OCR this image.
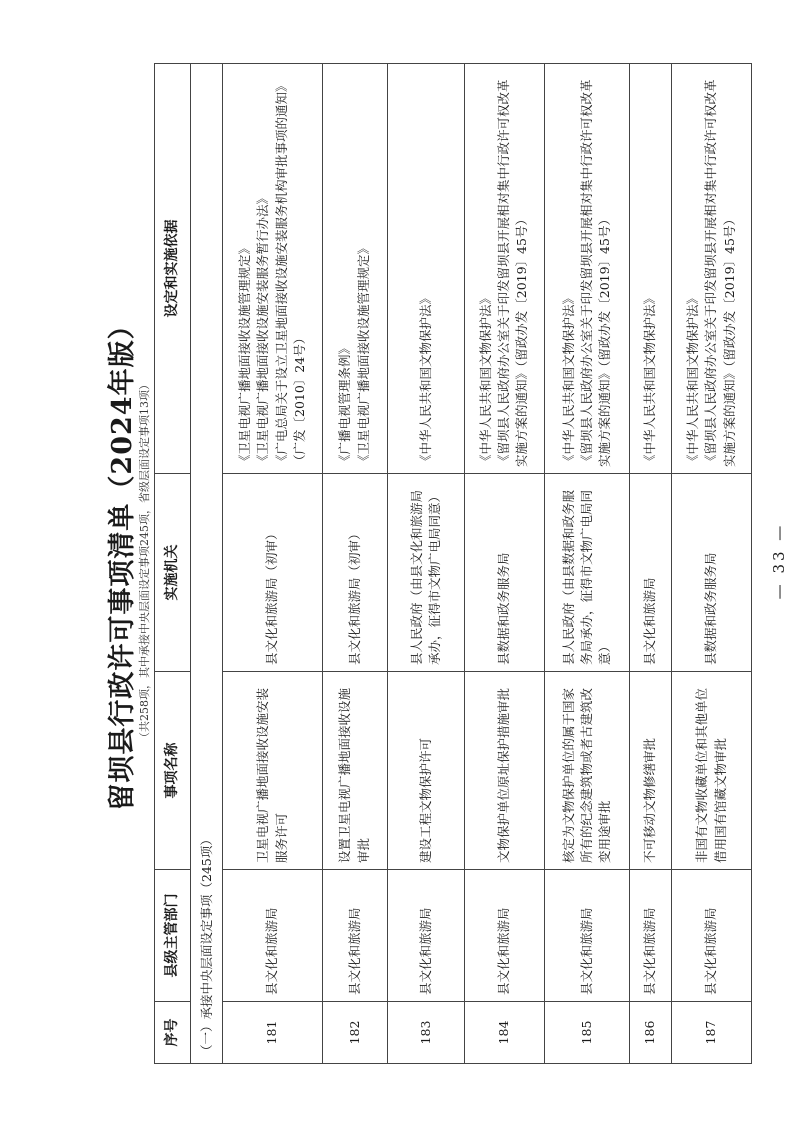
留坝县行政许可事项清单（2024年版） （共258项，其中承接中央层面设定事项245项，省级层面设定事项13项）
序号	县级主管部门	事项名称	实施机关	设定和实施依据
（一）承接中央层面设定事项（245项）				
181	县文化和旅游局	卫星电视广播地面接收设施安装服务许可	县文化和旅游局（初审）	《卫星电视广播地面接收设施管理规定》 《卫星电视广播地面接收设施安装服务暂行办法》 《广电总局关于设立卫星地面接收设施安装服务机构审批事项的通知》（广发〔2010〕24号）

182	县文化和旅游局	设置卫星电视广播地面接收设施审批	县文化和旅游局（初审）	《广播电视管理条例》 《卫星电视广播地面接收设施管理规定》

183	县文化和旅游局	建设工程文物保护许可	县人民政府（由县文化和旅游局承办，征得市文物广电局同意）	《中华人民共和国文物保护法》

184	县文化和旅游局	文物保护单位原址保护措施审批	县数据和政务服务局	《中华人民共和国文物保护法》 《留坝县人民政府办公室关于印发留坝县开展相对集中行政许可权改革实施方案的通知》（留政办发〔2019〕45号）

185	县文化和旅游局	核定为文物保护单位的属于国家所有的纪念建筑物或者古建筑改变用途审批	县人民政府（由县数据和政务服务局承办，征得市文物广电局同意）	《中华人民共和国文物保护法》 《留坝县人民政府办公室关于印发留坝县开展相对集中行政许可权改革实施方案的通知》（留政办发〔2019〕45号）

186	县文化和旅游局	不可移动文物修缮审批	县文化和旅游局	《中华人民共和国文物保护法》

187	县文化和旅游局	非国有文物收藏单位和其他单位借用国有馆藏文物审批	县数据和政务服务局	《中华人民共和国文物保护法》 《留坝县人民政府办公室关于印发留坝县开展相对集中行政许可权改革实施方案的通知》（留政办发〔2019〕45号）
— 33 —
